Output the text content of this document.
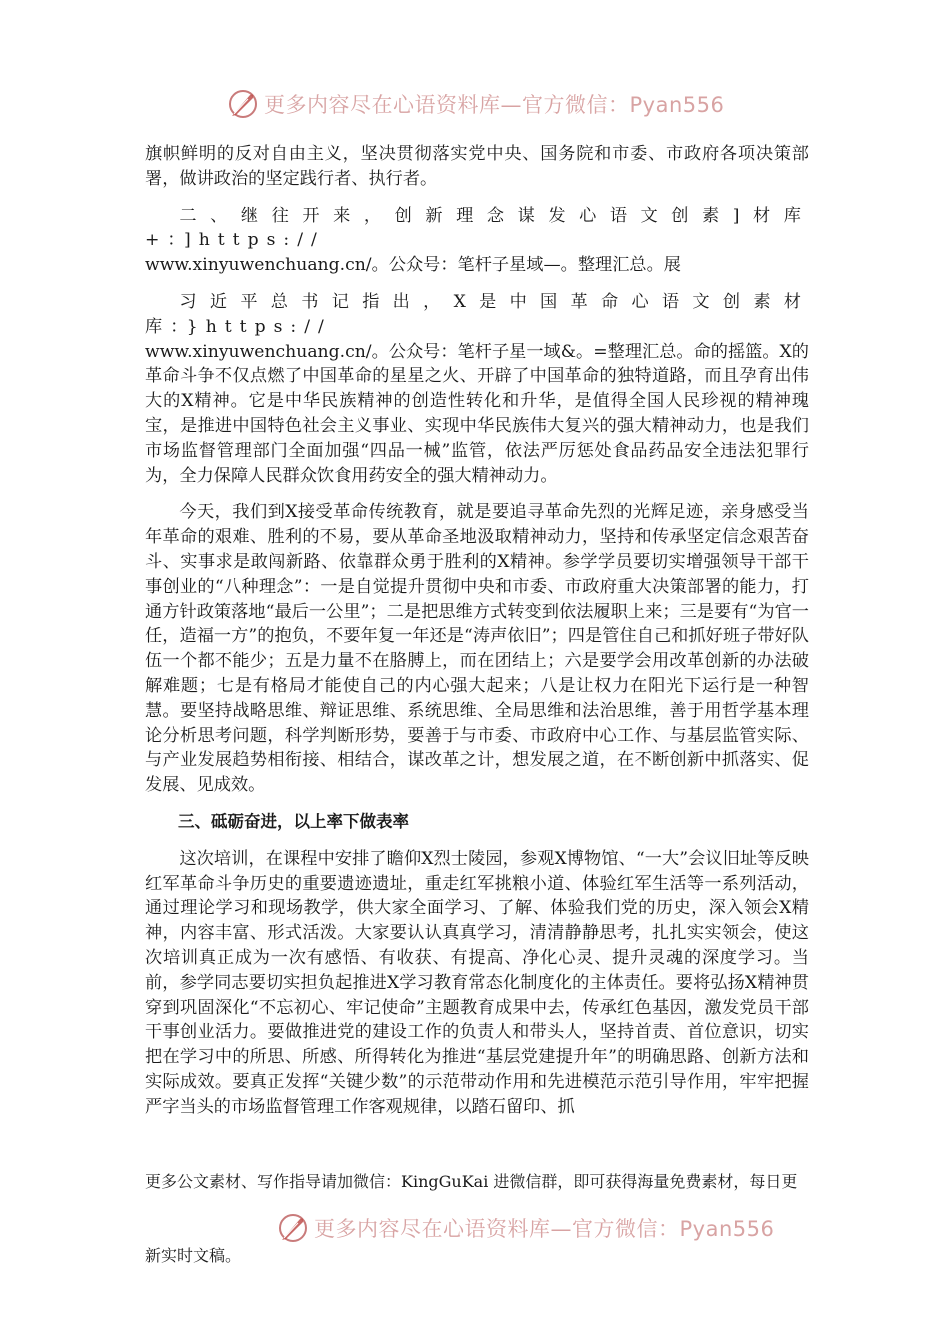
更多内容尽在心语资料库—官方微信：Pyan556

旗帜鲜明的反对自由主义，坚决贯彻落实党中央、国务院和市委、市政府各项决策部署，做讲政治的坚定践行者、执行者。

二、继往开来，创新理念谋发心语文创素]材库+：]https://

www.xinyuwenchuang.cn/。公众号：笔杆子星域—。整理汇总。展

习近平总书记指出，X是中国革命心语文创素材库：}https://

www.xinyuwenchuang.cn/。公众号：笔杆子星一域&。=整理汇总。命的摇篮。X的革命斗争不仅点燃了中国革命的星星之火、开辟了中国革命的独特道路，而且孕育出伟大的X精神。它是中华民族精神的创造性转化和升华，是值得全国人民珍视的精神瑰宝，是推进中国特色社会主义事业、实现中华民族伟大复兴的强大精神动力，也是我们市场监督管理部门全面加强“四品一械”监管，依法严厉惩处食品药品安全违法犯罪行为，全力保障人民群众饮食用药安全的强大精神动力。

今天，我们到X接受革命传统教育，就是要追寻革命先烈的光辉足迹，亲身感受当年革命的艰难、胜利的不易，要从革命圣地汲取精神动力，坚持和传承坚定信念艰苦奋斗、实事求是敢闯新路、依靠群众勇于胜利的X精神。参学学员要切实增强领导干部干事创业的“八种理念”：一是自觉提升贯彻中央和市委、市政府重大决策部署的能力，打通方针政策落地“最后一公里”；二是把思维方式转变到依法履职上来；三是要有“为官一任，造福一方”的抱负，不要年复一年还是“涛声依旧”；四是管住自己和抓好班子带好队伍一个都不能少；五是力量不在胳膊上，而在团结上；六是要学会用改革创新的办法破解难题；七是有格局才能使自己的内心强大起来；八是让权力在阳光下运行是一种智慧。要坚持战略思维、辩证思维、系统思维、全局思维和法治思维，善于用哲学基本理论分析思考问题，科学判断形势，要善于与市委、市政府中心工作、与基层监管实际、与产业发展趋势相衔接、相结合，谋改革之计，想发展之道，在不断创新中抓落实、促发展、见成效。

三、砥砺奋进，以上率下做表率

这次培训，在课程中安排了瞻仰X烈士陵园，参观X博物馆、“一大”会议旧址等反映红军革命斗争历史的重要遗迹遗址，重走红军挑粮小道、体验红军生活等一系列活动，通过理论学习和现场教学，供大家全面学习、了解、体验我们党的历史，深入领会X精神，内容丰富、形式活泼。大家要认认真真学习，清清静静思考，扎扎实实领会，使这次培训真正成为一次有感悟、有收获、有提高、净化心灵、提升灵魂的深度学习。当前，参学同志要切实担负起推进X学习教育常态化制度化的主体责任。要将弘扬X精神贯穿到巩固深化“不忘初心、牢记使命”主题教育成果中去，传承红色基因，激发党员干部干事创业活力。要做推进党的建设工作的负责人和带头人，坚持首责、首位意识，切实把在学习中的所思、所感、所得转化为推进“基层党建提升年”的明确思路、创新方法和实际成效。要真正发挥“关键少数”的示范带动作用和先进模范示范引导作用，牢牢把握严字当头的市场监督管理工作客观规律，以踏石留印、抓

更多公文素材、写作指导请加微信：KingGuKai 进微信群，即可获得海量免费素材，每日更
更多内容尽在心语资料库—官方微信：Pyan556
新实时文稿。
